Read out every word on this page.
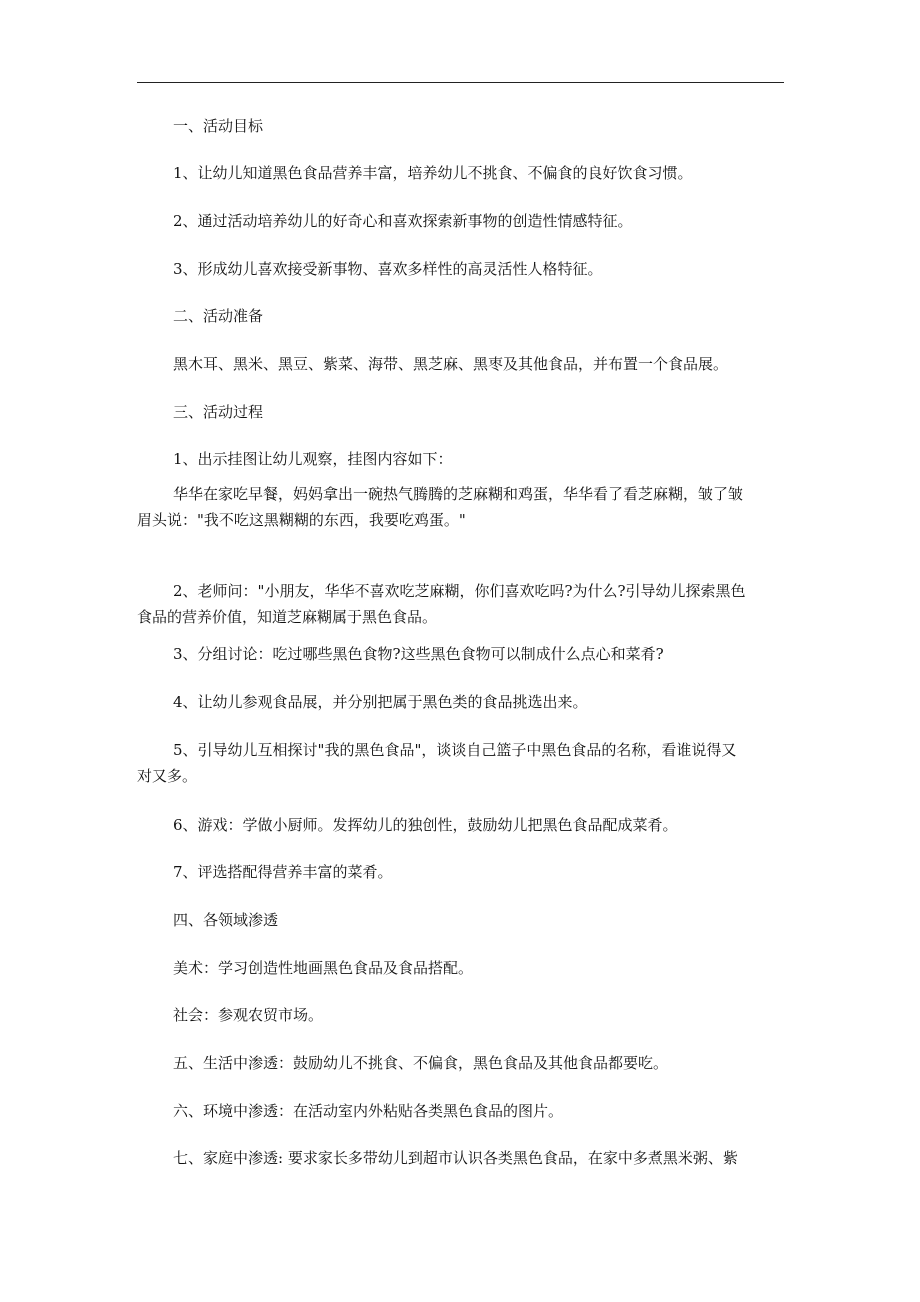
一、活动目标

1、让幼儿知道黑色食品营养丰富，培养幼儿不挑食、不偏食的良好饮食习惯。

2、通过活动培养幼儿的好奇心和喜欢探索新事物的创造性情感特征。

3、形成幼儿喜欢接受新事物、喜欢多样性的高灵活性人格特征。

二、活动准备

黑木耳、黑米、黑豆、紫菜、海带、黑芝麻、黑枣及其他食品，并布置一个食品展。

三、活动过程

1、出示挂图让幼儿观察，挂图内容如下：

华华在家吃早餐，妈妈拿出一碗热气腾腾的芝麻糊和鸡蛋，华华看了看芝麻糊，皱了皱眉头说："我不吃这黑糊糊的东西，我要吃鸡蛋。"

2、老师问："小朋友，华华不喜欢吃芝麻糊，你们喜欢吃吗?为什么?引导幼儿探索黑色食品的营养价值，知道芝麻糊属于黑色食品。

3、分组讨论：吃过哪些黑色食物?这些黑色食物可以制成什么点心和菜肴?

4、让幼儿参观食品展，并分别把属于黑色类的食品挑选出来。

5、引导幼儿互相探讨"我的黑色食品"，谈谈自己篮子中黑色食品的名称，看谁说得又对又多。

6、游戏：学做小厨师。发挥幼儿的独创性，鼓励幼儿把黑色食品配成菜肴。

7、评选搭配得营养丰富的菜肴。

四、各领域渗透

美术：学习创造性地画黑色食品及食品搭配。

社会：参观农贸市场。

五、生活中渗透：鼓励幼儿不挑食、不偏食，黑色食品及其他食品都要吃。

六、环境中渗透：在活动室内外粘贴各类黑色食品的图片。

七、家庭中渗透: 要求家长多带幼儿到超市认识各类黑色食品，在家中多煮黑米粥、紫
